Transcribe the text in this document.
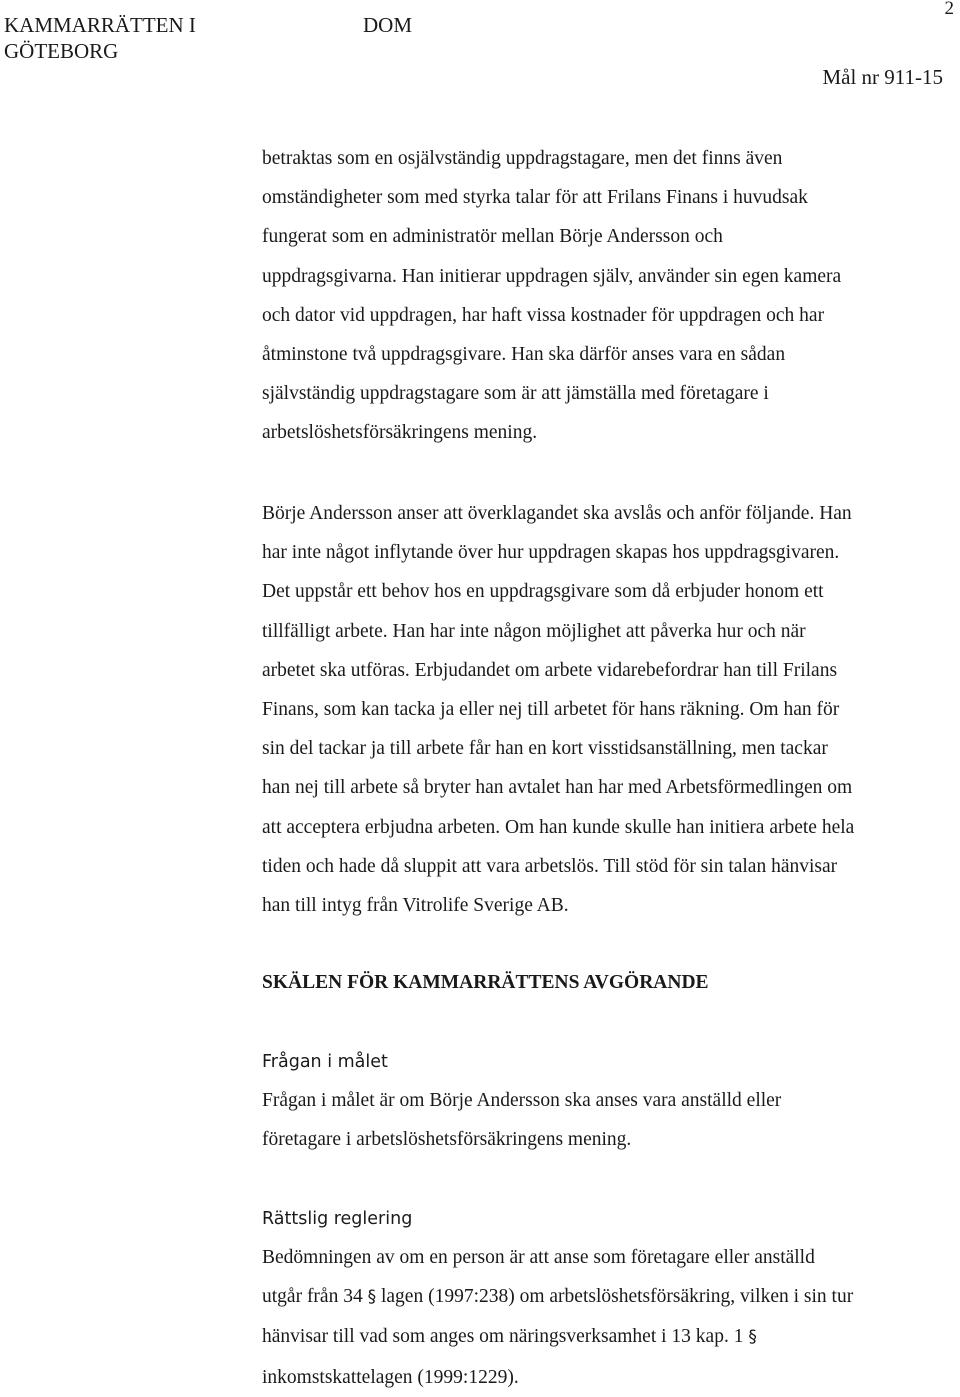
KAMMARRÄTTEN I GÖTEBORG
DOM
2
Mål nr 911-15

betraktas som en osjälvständig uppdragstagare, men det finns även
omständigheter som med styrka talar för att Frilans Finans i huvudsak
fungerat som en administratör mellan Börje Andersson och
uppdragsgivarna. Han initierar uppdragen själv, använder sin egen kamera
och dator vid uppdragen, har haft vissa kostnader för uppdragen och har
åtminstone två uppdragsgivare. Han ska därför anses vara en sådan
självständig uppdragstagare som är att jämställa med företagare i
arbetslöshetsförsäkringens mening.

Börje Andersson anser att överklagandet ska avslås och anför följande. Han
har inte något inflytande över hur uppdragen skapas hos uppdragsgivaren.
Det uppstår ett behov hos en uppdragsgivare som då erbjuder honom ett
tillfälligt arbete. Han har inte någon möjlighet att påverka hur och när
arbetet ska utföras. Erbjudandet om arbete vidarebefordrar han till Frilans
Finans, som kan tacka ja eller nej till arbetet för hans räkning. Om han för
sin del tackar ja till arbete får han en kort visstidsanställning, men tackar
han nej till arbete så bryter han avtalet han har med Arbetsförmedlingen om
att acceptera erbjudna arbeten. Om han kunde skulle han initiera arbete hela
tiden och hade då sluppit att vara arbetslös. Till stöd för sin talan hänvisar
han till intyg från Vitrolife Sverige AB.

SKÄLEN FÖR KAMMARRÄTTENS AVGÖRANDE
Frågan i målet

Frågan i målet är om Börje Andersson ska anses vara anställd eller
företagare i arbetslöshetsförsäkringens mening.

Rättslig reglering

Bedömningen av om en person är att anse som företagare eller anställd
utgår från 34 § lagen (1997:238) om arbetslöshetsförsäkring, vilken i sin tur
hänvisar till vad som anges om näringsverksamhet i 13 kap. 1 §
inkomstskattelagen (1999:1229).
